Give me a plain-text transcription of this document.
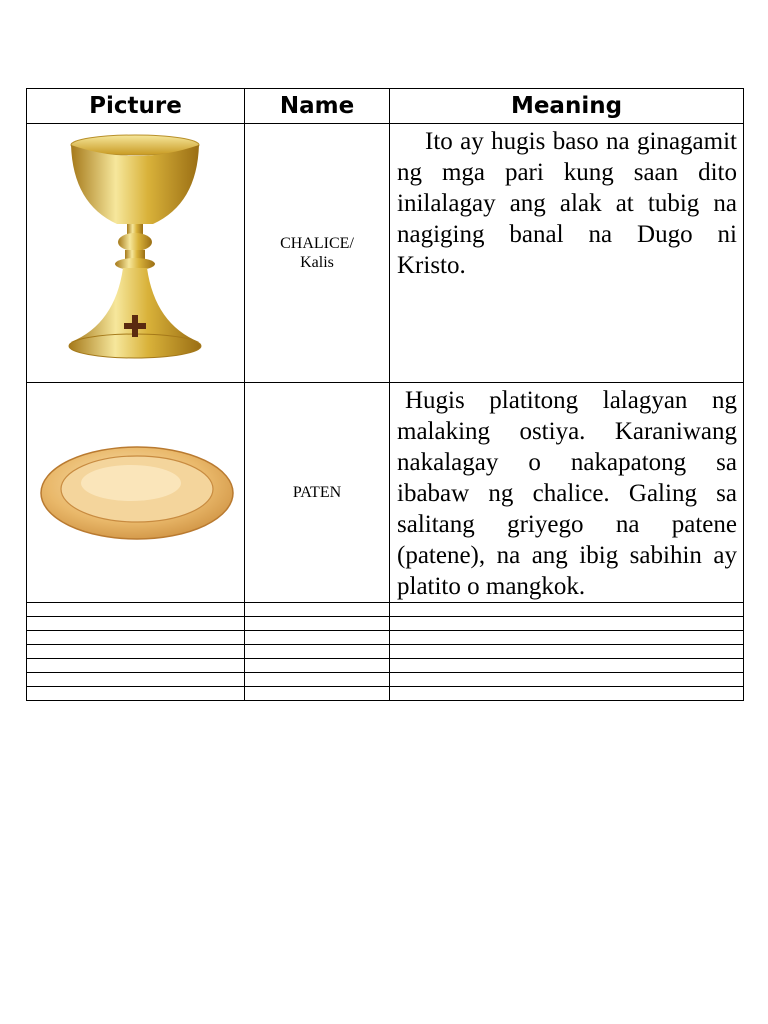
Picture	Name	Meaning

CHALICE/
Kalis	Ito ay hugis baso na ginagamit ng mga pari kung saan dito inilalagay ang alak at tubig na nagiging banal na Dugo ni Kristo.

PATEN	Hugis platitong lalagyan ng malaking ostiya. Karaniwang nakalagay o nakapatong sa ibabaw ng chalice. Galing sa salitang griyego na patene (patene), na ang ibig sabihin ay platito o mangkok.
